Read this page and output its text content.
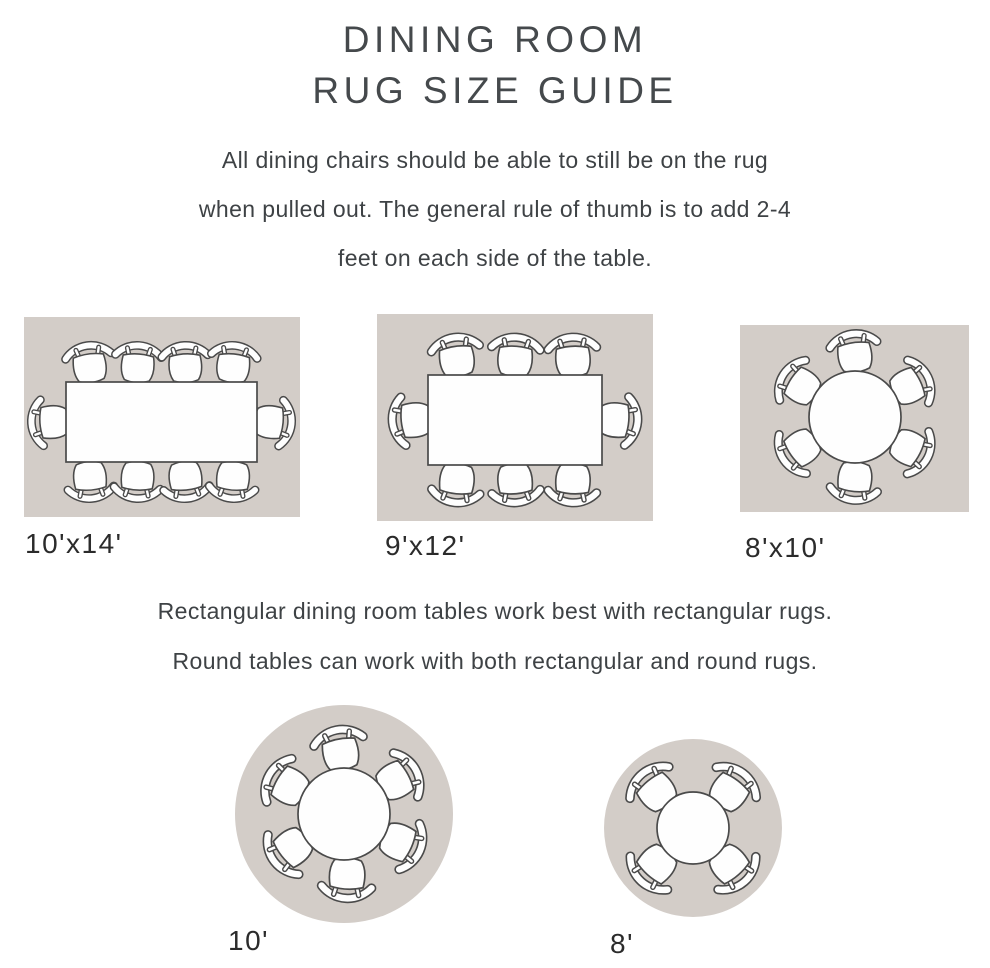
DINING ROOM
RUG SIZE GUIDE
All dining chairs should be able to still be on the rug
when pulled out. The general rule of thumb is to add 2-4
feet on each side of the table.
10'x14'	9'x12'	8'x10'
10'	8'
Rectangular dining room tables work best with rectangular rugs.
Round tables can work with both rectangular and round rugs.
